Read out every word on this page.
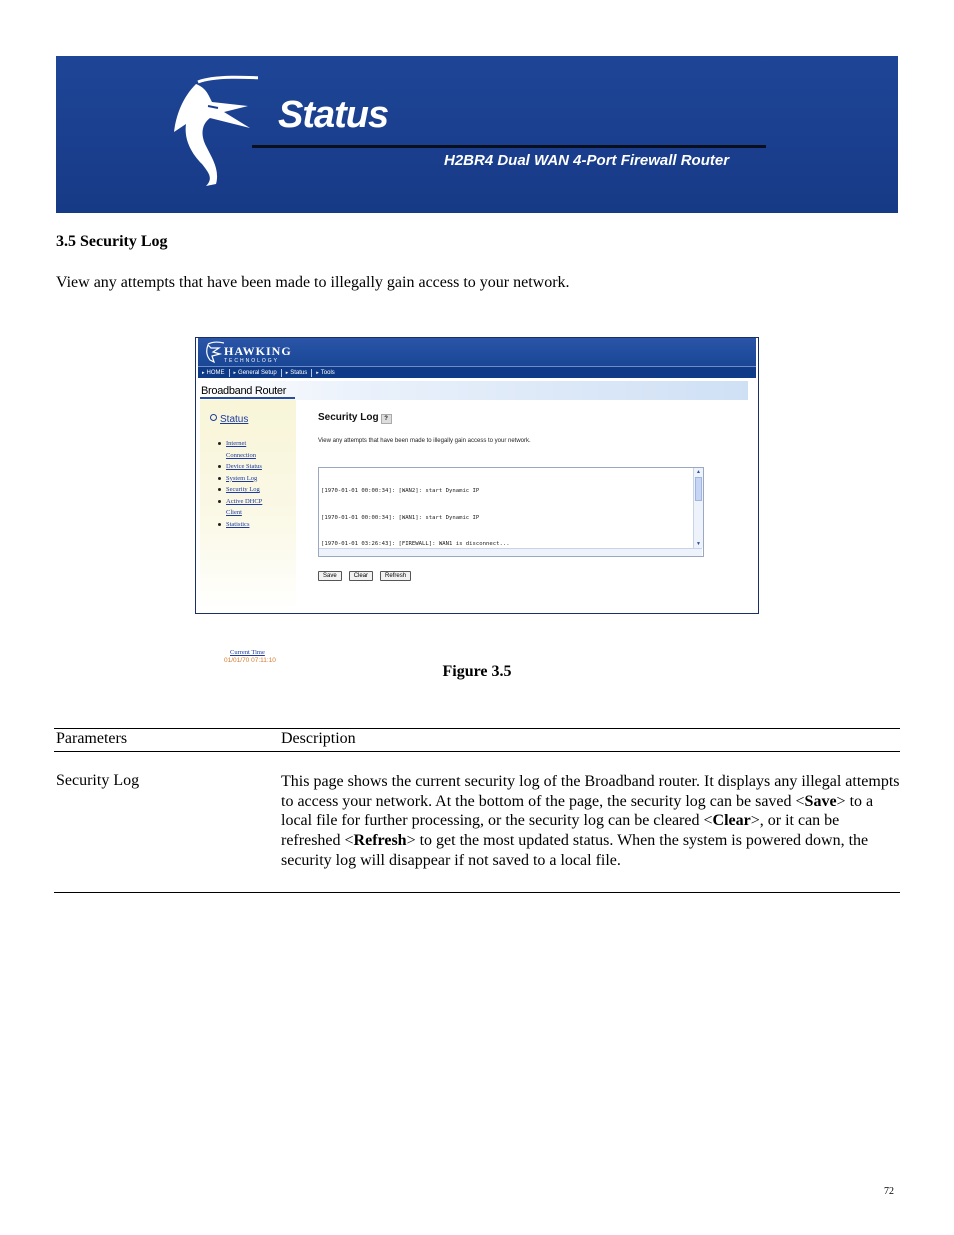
Status
H2BR4 Dual WAN 4-Port Firewall Router
3.5 Security Log
View any attempts that have been made to illegally gain access to your network.
HAWKING
TECHNOLOGY
▸ HOME	▸ General Setup	▸ Status	▸ Tools
Broadband Router
Status
Internet
Connection
Device Status
System Log
Security Log
Active DHCP
Client
Statistics
Current Time
01/01/70 07:11:10
Security Log ?
View any attempts that have been made to illegally gain access to your network.

[1970-01-01 00:00:34]: [WAN2]: start Dynamic IP

[1970-01-01 00:00:34]: [WAN1]: start Dynamic IP

[1970-01-01 03:26:43]: [FIREWALL]: WAN1 is disconnect...

▲
▼
Save	Clear	Refresh
Figure 3.5
Parameters	Description
Security Log	This page shows the current security log of the Broadband router. It displays any illegal attempts to access your network. At the bottom of the page, the security log can be saved <Save> to a local file for further processing, or the security log can be cleared <Clear>, or it can be refreshed <Refresh> to get the most updated status. When the system is powered down, the security log will disappear if not saved to a local file.
72
